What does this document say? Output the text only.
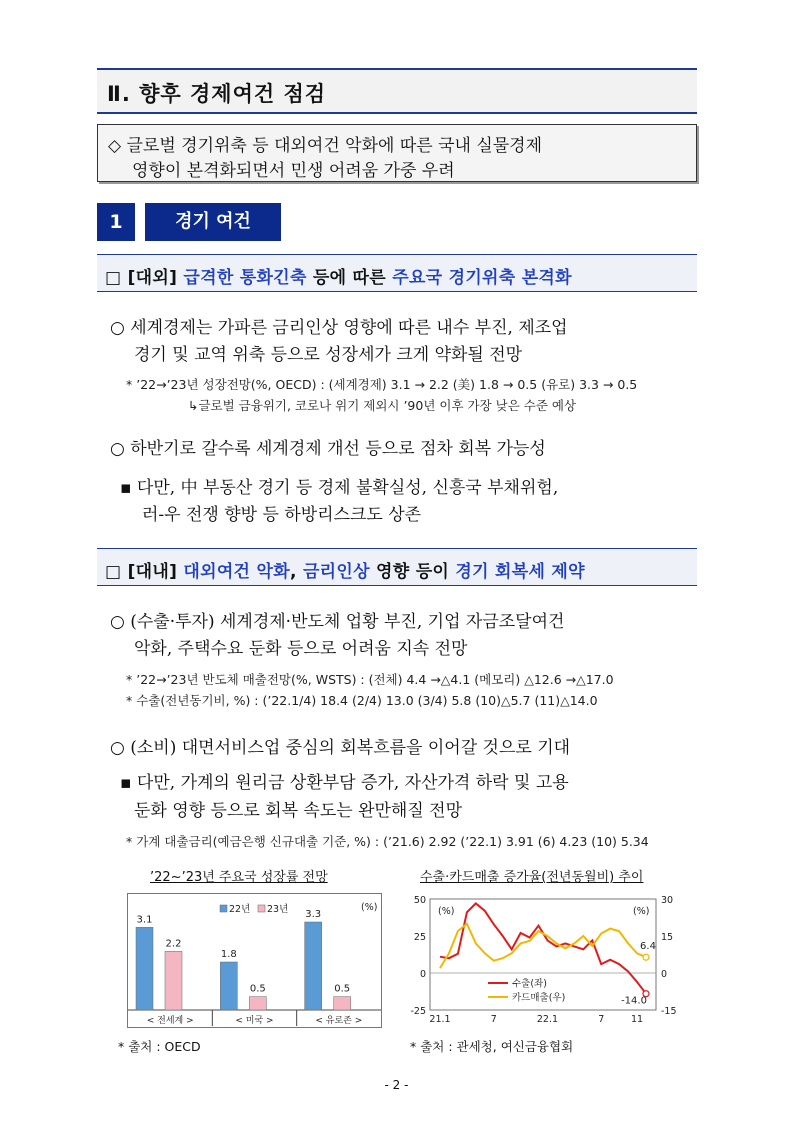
Ⅱ. 향후 경제여건 점검
◇ 글로벌 경기위축 등 대외여건 악화에 따른 국내 실물경제
영향이 본격화되면서 민생 어려움 가중 우려
1	경기 여건
□ [대외] 급격한 통화긴축 등에 따른 주요국 경기위축 본격화
○ 세계경제는 가파른 금리인상 영향에 따른 내수 부진, 제조업
경기 및 교역 위축 등으로 성장세가 크게 약화될 전망
* ’22→’23년 성장전망(%, OECD) : (세계경제) 3.1 → 2.2 (美) 1.8 → 0.5 (유로) 3.3 → 0.5
↳글로벌 금융위기, 코로나 위기 제외시 ’90년 이후 가장 낮은 수준 예상
○ 하반기로 갈수록 세계경제 개선 등으로 점차 회복 가능성
▪ 다만, 中 부동산 경기 등 경제 불확실성, 신흥국 부채위험,
러-우 전쟁 향방 등 하방리스크도 상존
□ [대내] 대외여건 악화, 금리인상 영향 등이 경기 회복세 제약
○ (수출·투자) 세계경제·반도체 업황 부진, 기업 자금조달여건
악화, 주택수요 둔화 등으로 어려움 지속 전망
* ’22→’23년 반도체 매출전망(%, WSTS) : (전체) 4.4 →△4.1 (메모리) △12.6 →△17.0
* 수출(전년동기비, %) : (’22.1/4) 18.4 (2/4) 13.0 (3/4) 5.8 (10)△5.7 (11)△14.0
○ (소비) 대면서비스업 중심의 회복흐름을 이어갈 것으로 기대
▪ 다만, 가계의 원리금 상환부담 증가, 자산가격 하락 및 고용
둔화 영향 등으로 회복 속도는 완만해질 전망
* 가계 대출금리(예금은행 신규대출 기준, %) : (’21.6) 2.92 (’22.1) 3.91 (6) 4.23 (10) 5.34
’22~’23년 주요국 성장률 전망
3.1
2.2
< 전세계 >
1.8
0.5
< 미국 >
3.3
0.5
< 유로존 >
22년 23년	(%)
* 출처 : OECD
수출·카드매출 증가율(전년동월비) 추이
50
25
0
-25
30
15
0
-15
(%)	(%)
21.1	7	22.1	7	11
6.4
-14.0
수출(좌)
카드매출(우)
* 출처 : 관세청, 여신금융협회
- 2 -
